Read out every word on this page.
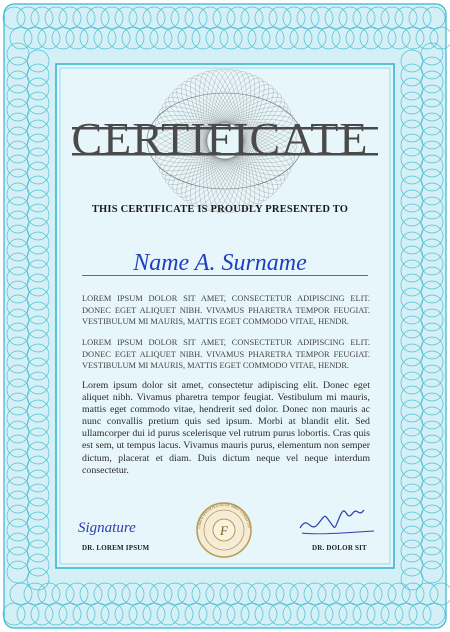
F
LOREM IPSUM DOLOR SIT AMET CONSECTET
CERTIFICATE
THIS CERTIFICATE IS PROUDLY PRESENTED TO
Name A. Surname
LOREM IPSUM DOLOR SIT AMET, CONSECTETUR ADIPISCING ELIT. DONEC EGET ALIQUET NIBH. VIVAMUS PHARETRA TEMPOR FEUGIAT. VESTIBULUM MI MAURIS, MATTIS EGET COMMODO VITAE, HENDR.
LOREM IPSUM DOLOR SIT AMET, CONSECTETUR ADIPISCING ELIT. DONEC EGET ALIQUET NIBH. VIVAMUS PHARETRA TEMPOR FEUGIAT. VESTIBULUM MI MAURIS, MATTIS EGET COMMODO VITAE, HENDR.
Lorem ipsum dolor sit amet, consectetur adipiscing elit. Donec eget aliquet nibh. Vivamus pharetra tempor feugiat. Vestibulum mi mauris, mattis eget commodo vitae, hendrerit sed dolor. Donec non mauris ac nunc convallis pretium quis sed ipsum. Morbi at blandit elit. Sed ullamcorper dui id purus scelerisque vel rutrum purus lobortis. Cras quis est sem, ut tempus lacus. Vivamus mauris purus, elementum non semper dictum, placerat et diam. Duis dictum neque vel neque interdum consectetur.
Signature
DR. LOREM IPSUM	DR. DOLOR SIT
